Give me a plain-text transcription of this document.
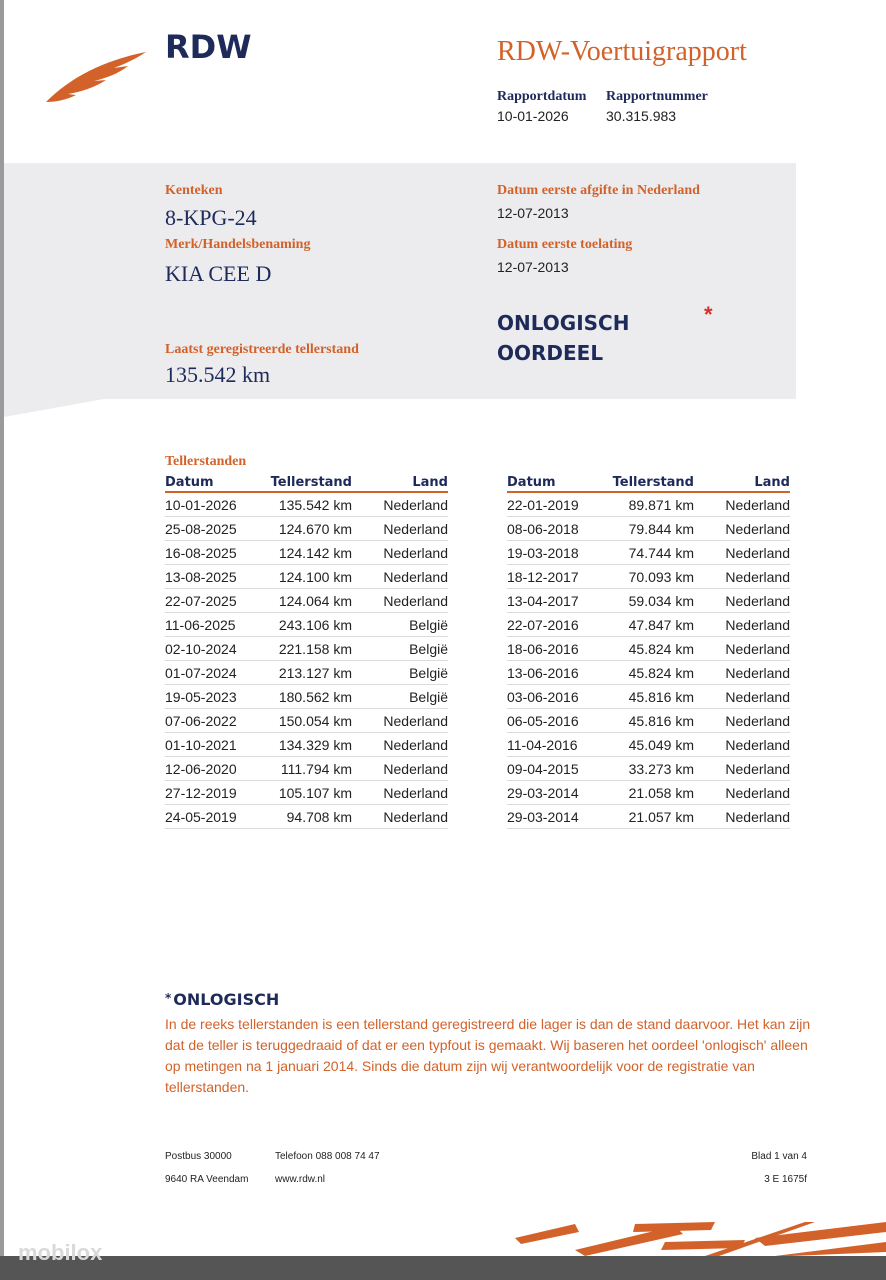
RDW	RDW-Voertuigrapport
Rapportdatum Rapportnummer
10-01-2026	30.315.983
Kenteken
8-KPG-24
Merk/Handelsbenaming
KIA CEE D
Laatst geregistreerde tellerstand
135.542 km
Datum eerste afgifte in Nederland
12-07-2013
Datum eerste toelating
12-07-2013
ONLOGISCH
OORDEEL
*
Tellerstanden
Datum	Tellerstand	Land
10-01-2026	135.542 km Nederland
25-08-2025	124.670 km Nederland
16-08-2025	124.142 km Nederland
13-08-2025	124.100 km Nederland
22-07-2025	124.064 km Nederland
11-06-2025	243.106 km	België
02-10-2024	221.158 km	België
01-07-2024	213.127 km	België
19-05-2023	180.562 km	België
07-06-2022	150.054 km Nederland
01-10-2021	134.329 km Nederland
12-06-2020	111.794 km Nederland
27-12-2019	105.107 km Nederland
24-05-2019	94.708 km Nederland
Datum	Tellerstand	Land
22-01-2019	89.871 km Nederland
08-06-2018	79.844 km Nederland
19-03-2018	74.744 km Nederland
18-12-2017	70.093 km Nederland
13-04-2017	59.034 km Nederland
22-07-2016	47.847 km Nederland
18-06-2016	45.824 km Nederland
13-06-2016	45.824 km Nederland
03-06-2016	45.816 km Nederland
06-05-2016	45.816 km Nederland
11-04-2016	45.049 km Nederland
09-04-2015	33.273 km Nederland
29-03-2014	21.058 km Nederland
29-03-2014	21.057 km Nederland
* ONLOGISCH
In de reeks tellerstanden is een tellerstand geregistreerd die lager is dan de stand daarvoor. Het kan zijn dat de teller is teruggedraaid of dat er een typfout is gemaakt. Wij baseren het oordeel 'onlogisch' alleen op metingen na 1 januari 2014. Sinds die datum zijn wij verantwoordelijk voor de registratie van tellerstanden.
Postbus 30000
9640 RA Veendam
Telefoon 088 008 74 47
www.rdw.nl
Blad 1 van 4
3 E 1675f
mobilox
